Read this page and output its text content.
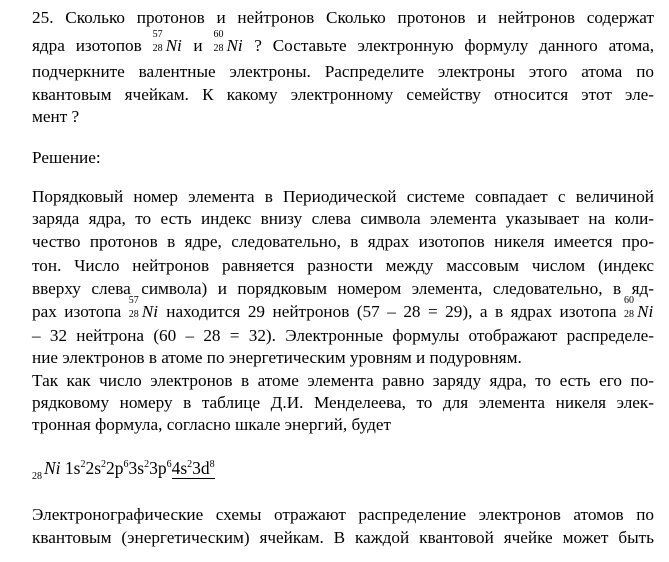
25. Сколько протонов и нейтронов Сколько протонов и нейтронов содержат
ядра изотопов
57
28 Ni и
60
28 Ni ? Составьте электронную формулу данного атома,
подчеркните валентные электроны. Распределите электроны этого атома по
квантовым ячейкам. К какому электронному семейству относится этот эле-
мент ?
Решение:
Порядковый номер элемента в Периодической системе совпадает с величиной
заряда ядра, то есть индекс внизу слева символа элемента указывает на коли-
чество протонов в ядре, следовательно, в ядрах изотопов никеля имеется про-
тон. Число нейтронов равняется разности между массовым числом (индекс
вверху слева символа) и порядковым номером элемента, следовательно, в яд-
рах изотопа
57
28 Ni находится 29 нейтронов (57 – 28 = 29), а в ядрах изотопа
60
28 Ni
– 32 нейтрона (60 – 28 = 32). Электронные формулы отображают распределе-
ние электронов в атоме по энергетическим уровням и подуровням.
Так как число электронов в атоме элемента равно заряду ядра, то есть его по-
рядковому номеру в таблице Д.И. Менделеева, то для элемента никеля элек-
тронная формула, согласно шкале энергий, будет
$_{28}$ Ni $1s^22s^22p^63s^23p^64s^23d^8$
Электронографические схемы отражают распределение электронов атомов по
квантовым (энергетическим) ячейкам. В каждой квантовой ячейке может быть
